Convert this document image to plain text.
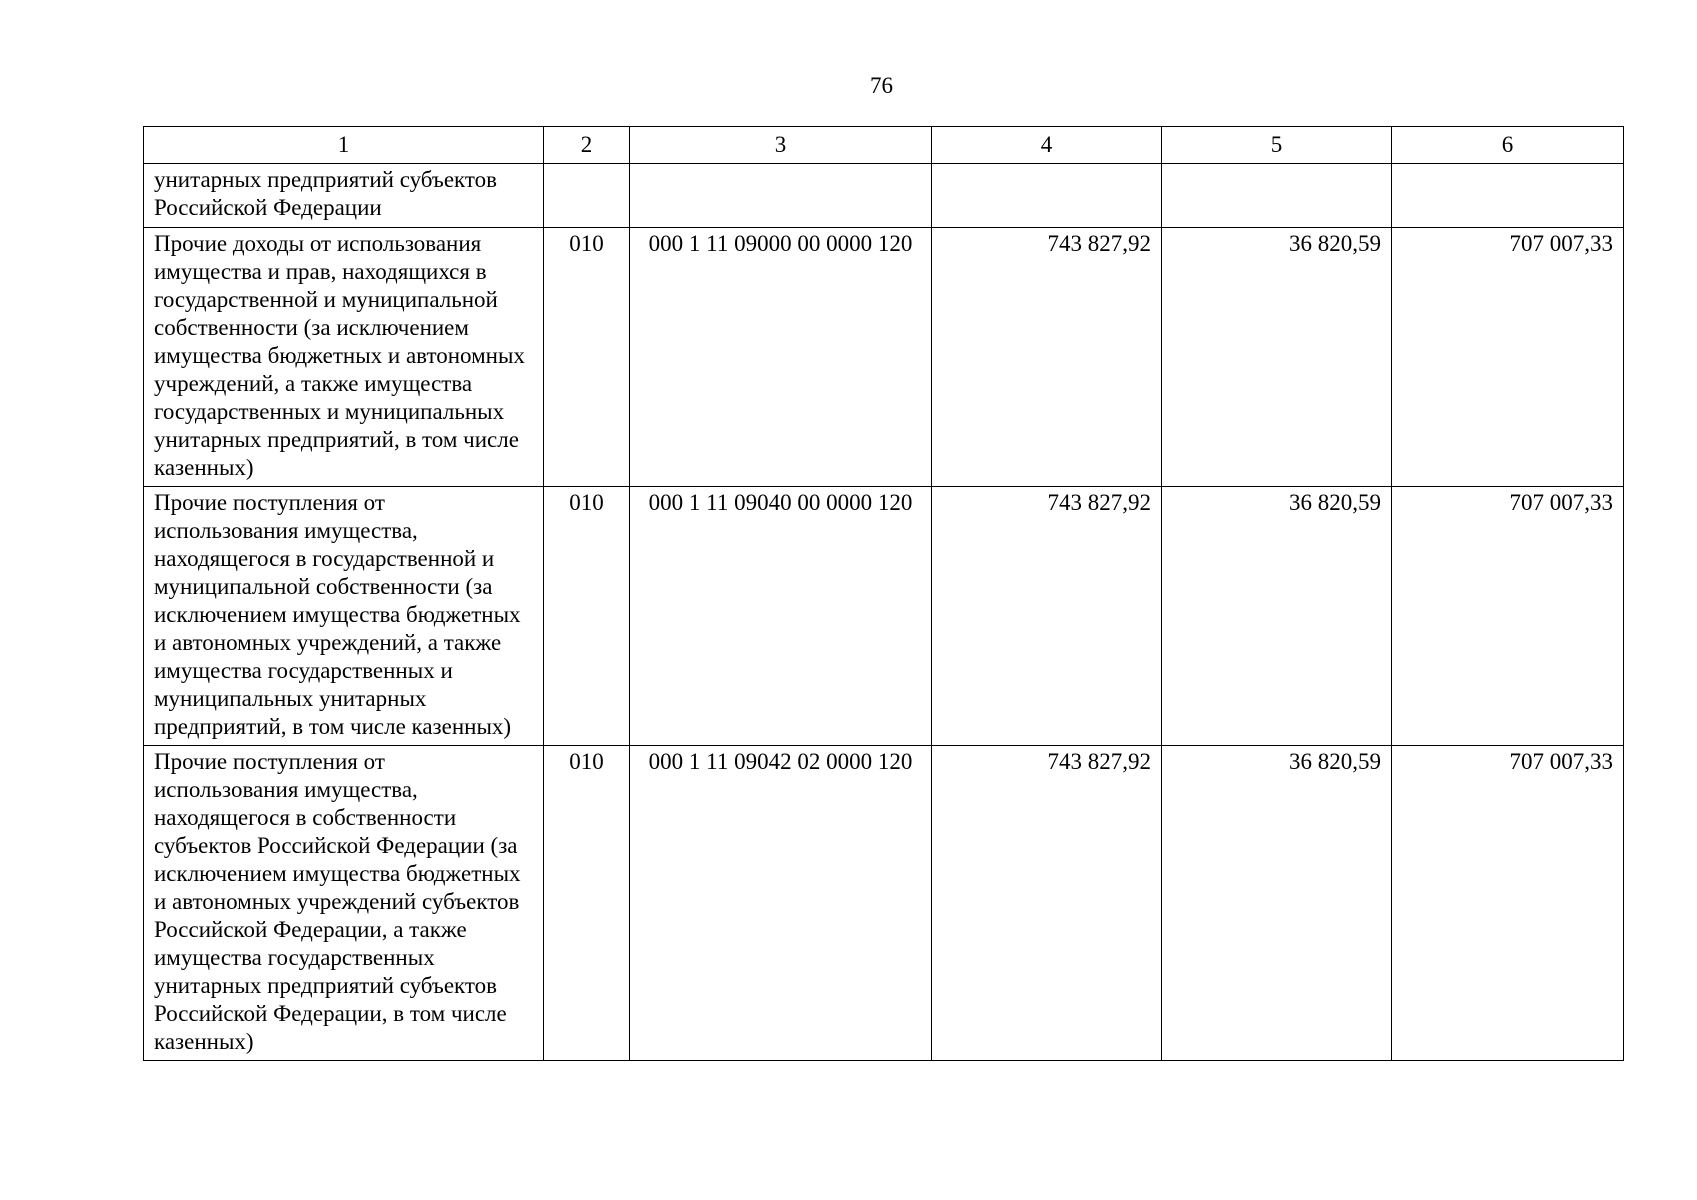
76
1	2	3	4	5	6
унитарных предприятий субъектов Российской Федерации					
Прочие доходы от использования имущества и прав, находящихся в государственной и муниципальной собственности (за исключением имущества бюджетных и автономных учреждений, а также имущества государственных и муниципальных унитарных предприятий, в том числе казенных)	010	000 1 11 09000 00 0000 120	743 827,92	36 820,59	707 007,33
Прочие поступления от использования имущества, находящегося в государственной и муниципальной собственности (за исключением имущества бюджетных и автономных учреждений, а также имущества государственных и муниципальных унитарных предприятий, в том числе казенных)	010	000 1 11 09040 00 0000 120	743 827,92	36 820,59	707 007,33
Прочие поступления от использования имущества, находящегося в собственности субъектов Российской Федерации (за исключением имущества бюджетных и автономных учреждений субъектов Российской Федерации, а также имущества государственных унитарных предприятий субъектов Российской Федерации, в том числе казенных)	010	000 1 11 09042 02 0000 120	743 827,92	36 820,59	707 007,33
